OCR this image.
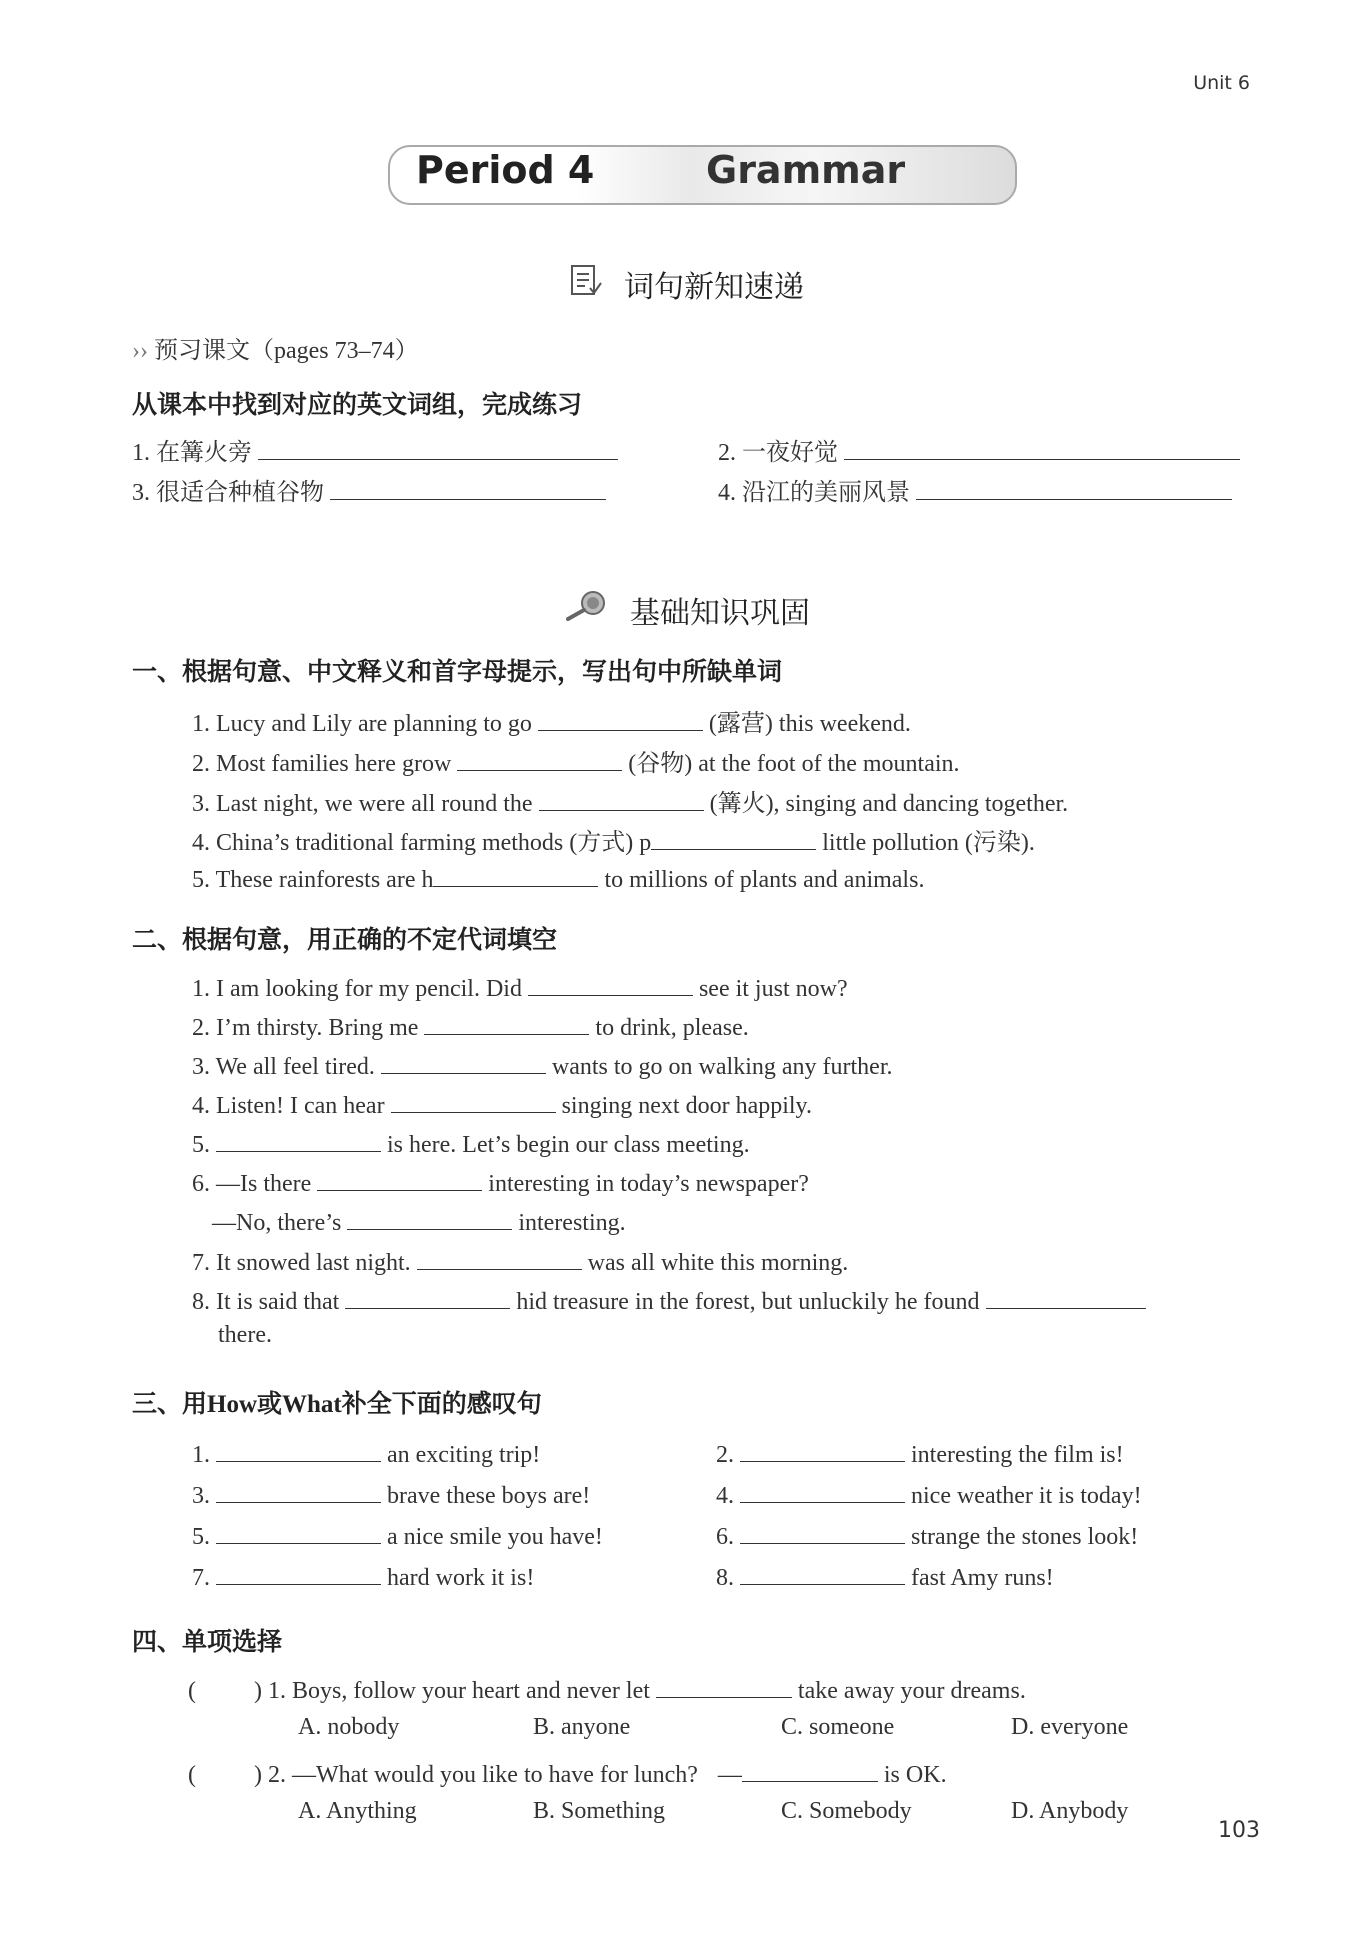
Unit 6
Period 4	Grammar
词句新知速递
›› 预习课文（pages 73–74）
从课本中找到对应的英文词组，完成练习
1. 在篝火旁	2. 一夜好觉
3. 很适合种植谷物	4. 沿江的美丽风景
基础知识巩固
一、根据句意、中文释义和首字母提示，写出句中所缺单词
1. Lucy and Lily are planning to go	(露营) this weekend.
2. Most families here grow	(谷物) at the foot of the mountain.
3. Last night, we were all round the	(篝火), singing and dancing together.
4. China’s traditional farming methods (方式) p	little pollution (污染).
5. These rainforests are h	to millions of plants and animals.
二、根据句意，用正确的不定代词填空
1. I am looking for my pencil. Did	see it just now?
2. I’m thirsty. Bring me	to drink, please.
3. We all feel tired.	wants to go on walking any further.
4. Listen! I can hear	singing next door happily.
5.	is here. Let’s begin our class meeting.
6. —Is there	interesting in today’s newspaper?
—No, there’s	interesting.
7. It snowed last night.	was all white this morning.
8. It is said that	hid treasure in the forest, but unluckily he found
there.
三、用How或What补全下面的感叹句
1.	an exciting trip!	2.	interesting the film is!
3.	brave these boys are!	4.	nice weather it is today!
5.	a nice smile you have!	6.	strange the stones look!
7.	hard work it is!	8.	fast Amy runs!
四、单项选择
( ) 1. Boys, follow your heart and never let	take away your dreams.
A. nobody	B. anyone	C. someone	D. everyone
( ) 2. —What would you like to have for lunch? —	is OK.
A. Anything	B. Something	C. Somebody	D. Anybody
103
